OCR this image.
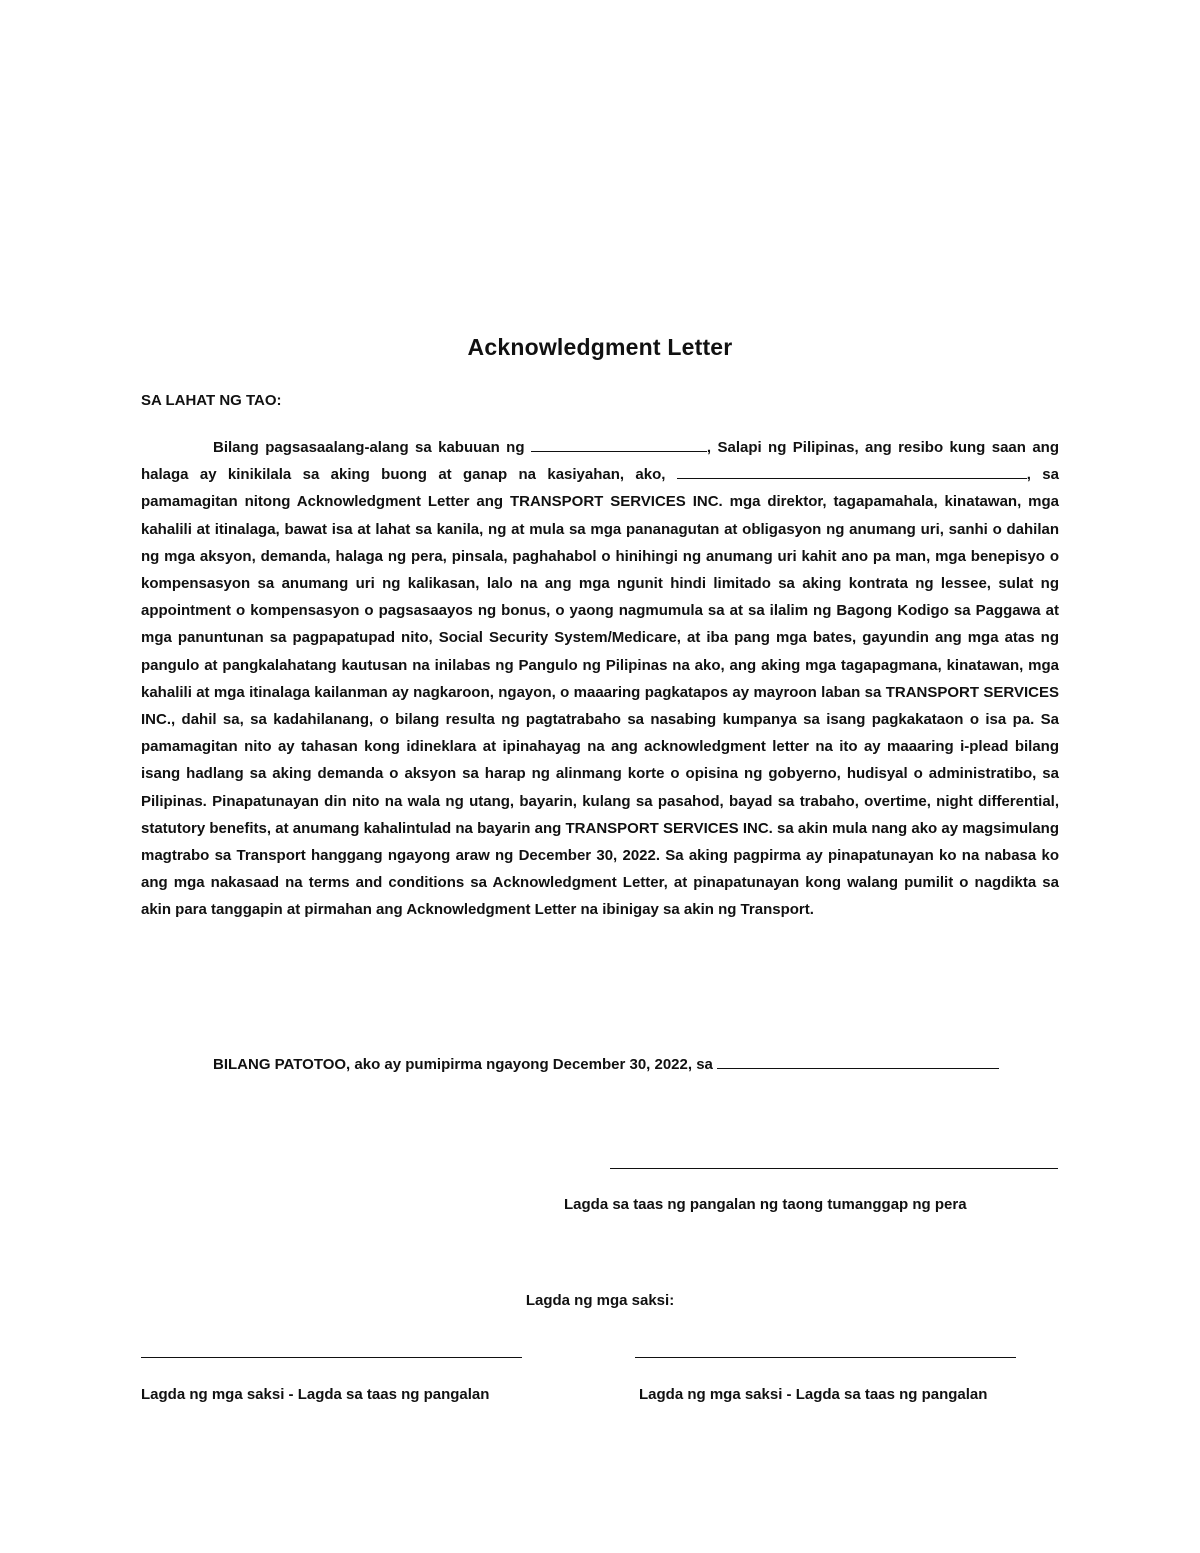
Acknowledgment Letter
SA LAHAT NG TAO:
Bilang pagsasaalang-alang sa kabuuan ng	, Salapi ng Pilipinas, ang resibo kung saan ang halaga ay kinikilala sa aking buong at ganap na kasiyahan, ako,	, sa pamamagitan nitong Acknowledgment Letter ang TRANSPORT SERVICES INC. mga direktor, tagapamahala, kinatawan, mga kahalili at itinalaga, bawat isa at lahat sa kanila, ng at mula sa mga pananagutan at obligasyon ng anumang uri, sanhi o dahilan ng mga aksyon, demanda, halaga ng pera, pinsala, paghahabol o hinihingi ng anumang uri kahit ano pa man, mga benepisyo o kompensasyon sa anumang uri ng kalikasan, lalo na ang mga ngunit hindi limitado sa aking kontrata ng lessee, sulat ng appointment o kompensasyon o pagsasaayos ng bonus, o yaong nagmumula sa at sa ilalim ng Bagong Kodigo sa Paggawa at mga panuntunan sa pagpapatupad nito, Social Security System/Medicare, at iba pang mga bates, gayundin ang mga atas ng pangulo at pangkalahatang kautusan na inilabas ng Pangulo ng Pilipinas na ako, ang aking mga tagapagmana, kinatawan, mga kahalili at mga itinalaga kailanman ay nagkaroon, ngayon, o maaaring pagkatapos ay mayroon laban sa TRANSPORT SERVICES INC., dahil sa, sa kadahilanang, o bilang resulta ng pagtatrabaho sa nasabing kumpanya sa isang pagkakataon o isa pa. Sa pamamagitan nito ay tahasan kong idineklara at ipinahayag na ang acknowledgment letter na ito ay maaaring i-plead bilang isang hadlang sa aking demanda o aksyon sa harap ng alinmang korte o opisina ng gobyerno, hudisyal o administratibo, sa Pilipinas. Pinapatunayan din nito na wala ng utang, bayarin, kulang sa pasahod, bayad sa trabaho, overtime, night differential, statutory benefits, at anumang kahalintulad na bayarin ang TRANSPORT SERVICES INC. sa akin mula nang ako ay magsimulang magtrabo sa Transport hanggang ngayong araw ng December 30, 2022. Sa aking pagpirma ay pinapatunayan ko na nabasa ko ang mga nakasaad na terms and conditions sa Acknowledgment Letter, at pinapatunayan kong walang pumilit o nagdikta sa akin para tanggapin at pirmahan ang Acknowledgment Letter na ibinigay sa akin ng Transport.
BILANG PATOTOO, ako ay pumipirma ngayong December 30, 2022, sa
Lagda sa taas ng pangalan ng taong tumanggap ng pera
Lagda ng mga saksi:
Lagda ng mga saksi - Lagda sa taas ng pangalan	Lagda ng mga saksi - Lagda sa taas ng pangalan
